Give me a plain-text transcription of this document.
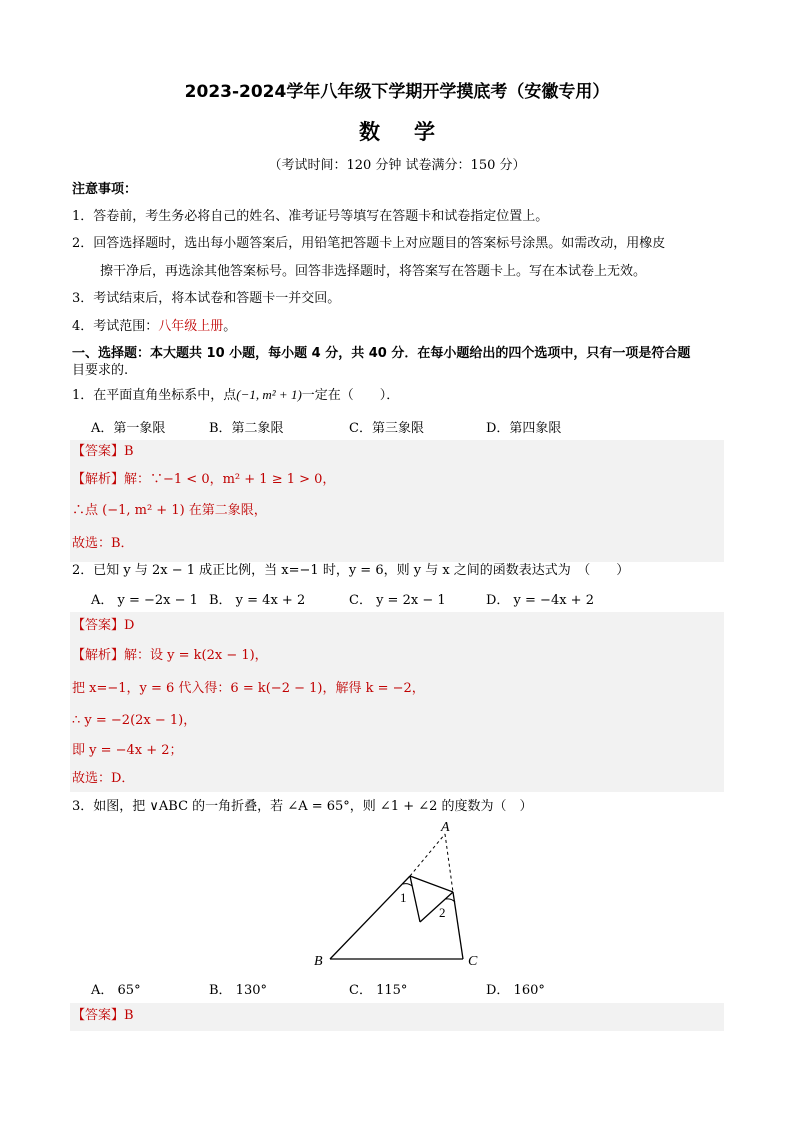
2023-2024学年八年级下学期开学摸底考（安徽专用）
数学
（考试时间：120 分钟 试卷满分：150 分）
注意事项：
1．答卷前，考生务必将自己的姓名、准考证号等填写在答题卡和试卷指定位置上。
2．回答选择题时，选出每小题答案后，用铅笔把答题卡上对应题目的答案标号涂黑。如需改动，用橡皮
擦干净后，再选涂其他答案标号。回答非选择题时，将答案写在答题卡上。写在本试卷上无效。
3．考试结束后，将本试卷和答题卡一并交回。
4．考试范围：八年级上册。
一、选择题：本大题共 10 小题，每小题 4 分，共 40 分．在每小题给出的四个选项中，只有一项是符合题
目要求的.
1．在平面直角坐标系中，点(−1, m² + 1)一定在（　　）．
A．第一象限	B．第二象限	C．第三象限	D．第四象限
【答案】B
【解析】解：∵−1 < 0，m² + 1 ≥ 1 > 0，
∴点 (−1, m² + 1) 在第二象限，
故选：B．
2．已知 y 与 2x − 1 成正比例，当 x=−1 时，y = 6，则 y 与 x 之间的函数表达式为　（　　）
A． y = −2x − 1 B． y = 4x + 2	C． y = 2x − 1	D． y = −4x + 2
【答案】D
【解析】解：设 y = k(2x − 1)，
把 x=−1，y = 6 代入得：6 = k(−2 − 1)，解得 k = −2，
∴ y = −2(2x − 1)，
即 y = −4x + 2；
故选：D．
3．如图，把 ∨ABC 的一角折叠，若 ∠A = 65°，则 ∠1 + ∠2 的度数为（　）
A
B	C
1
2
A． 65°	B． 130°	C． 115°	D． 160°
【答案】B
